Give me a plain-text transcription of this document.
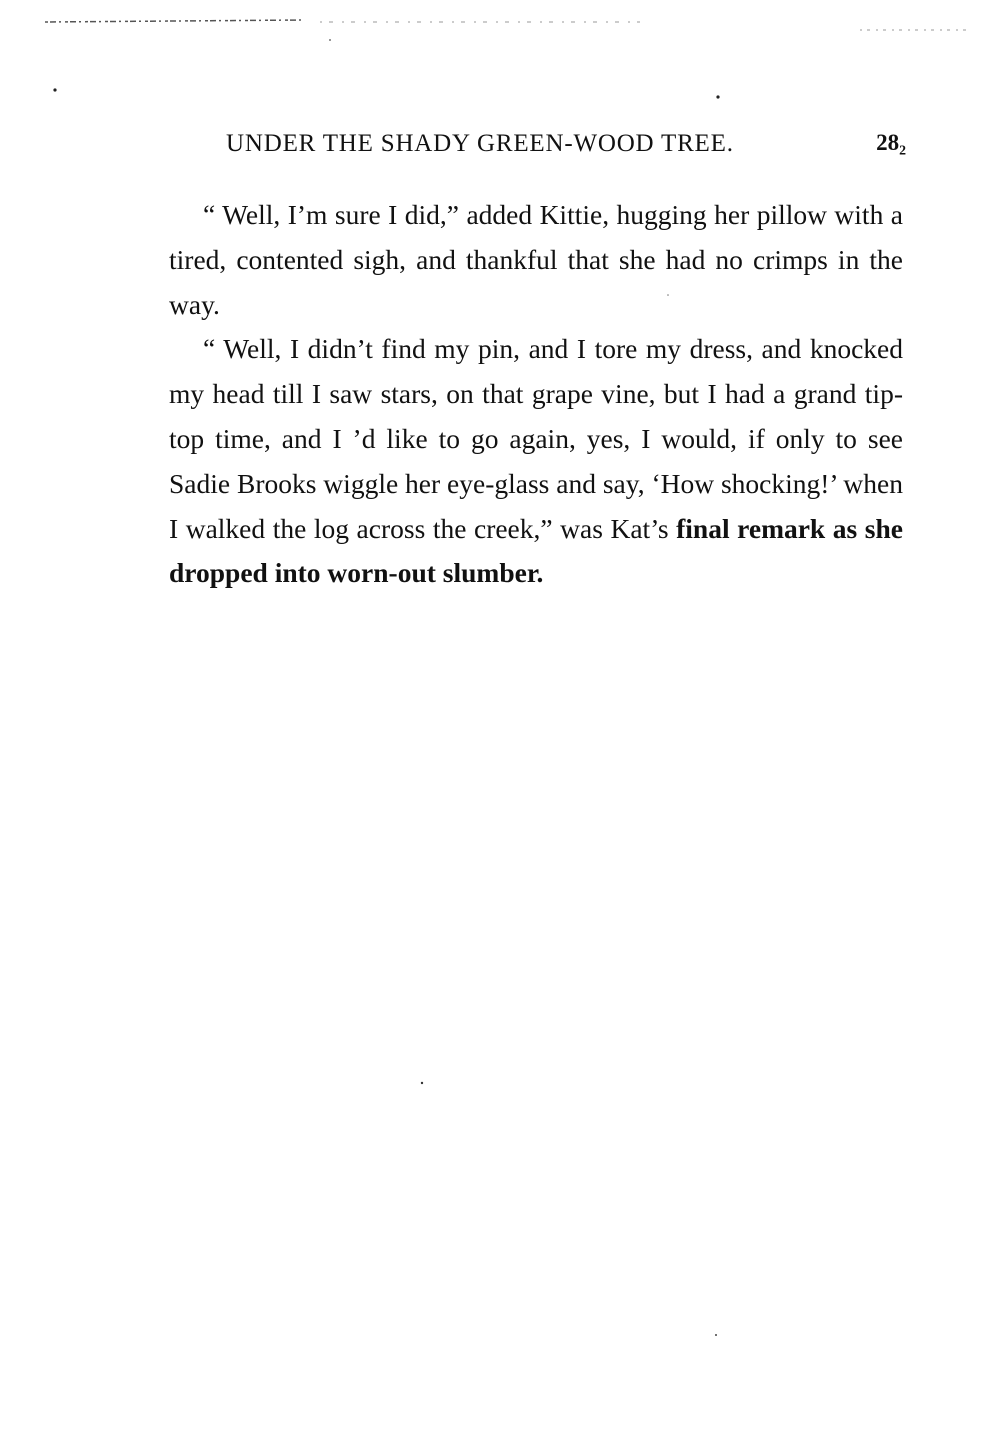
UNDER THE SHADY GREEN-WOOD TREE.	28₂

“ Well, I’m sure I did,” added Kittie, hugging her pillow with a tired, contented sigh, and thankful that she had no crimps in the way.

“ Well, I didn’t find my pin, and I tore my dress, and knocked my head till I saw stars, on that grape vine, but I had a grand tip-top time, and I ’d like to go again, yes, I would, if only to see Sadie Brooks wiggle her eye-glass and say, ‘How shocking!’ when I walked the log across the creek,” was Kat’s final remark as she dropped into worn-out slumber.
